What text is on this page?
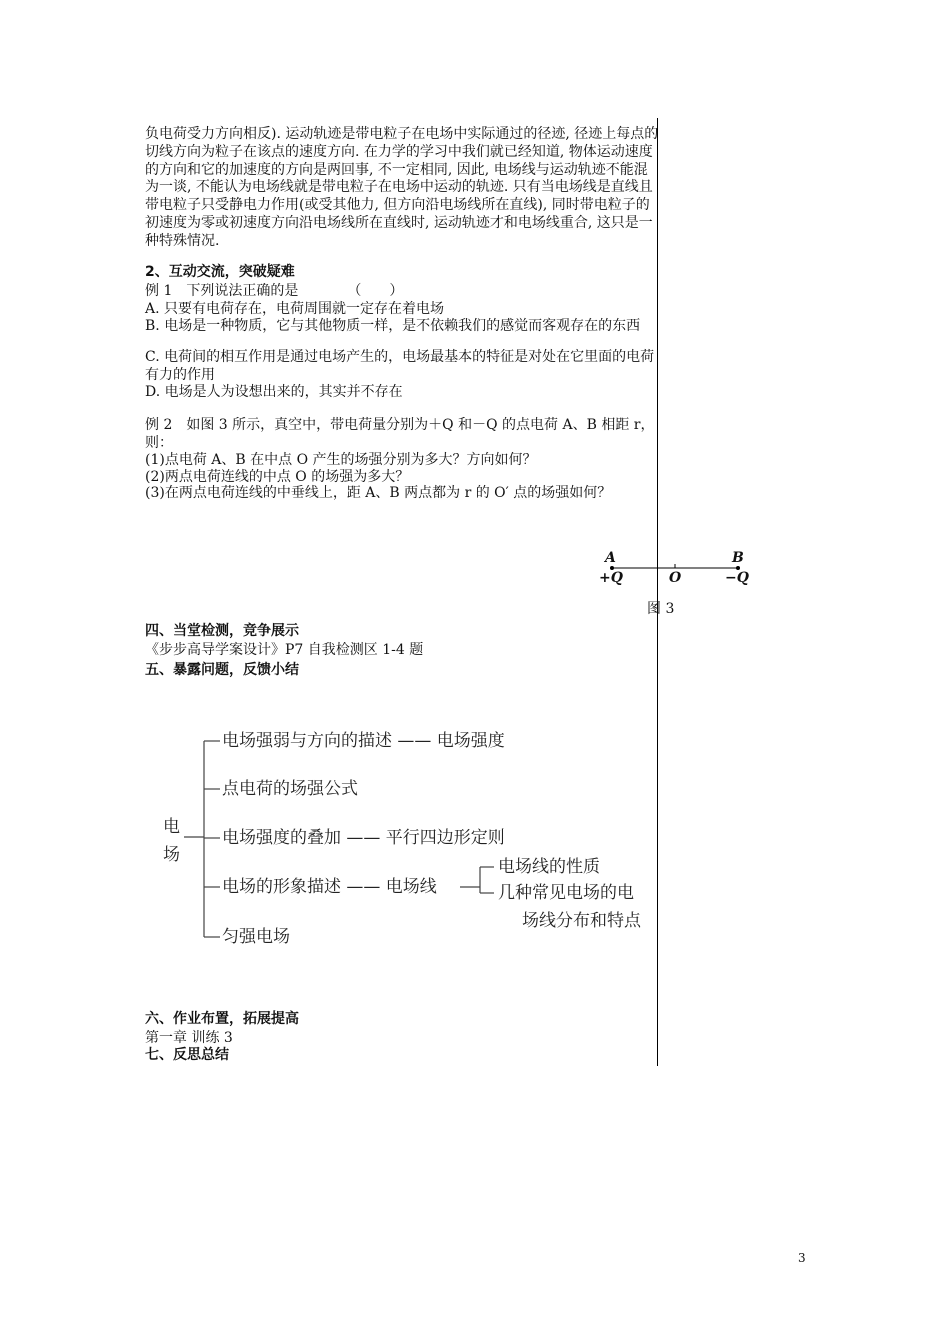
负电荷受力方向相反). 运动轨迹是带电粒子在电场中实际通过的径迹, 径迹上每点的切线方向为粒子在该点的速度方向. 在力学的学习中我们就已经知道, 物体运动速度的方向和它的加速度的方向是两回事, 不一定相同, 因此, 电场线与运动轨迹不能混为一谈, 不能认为电场线就是带电粒子在电场中运动的轨迹. 只有当电场线是直线且带电粒子只受静电力作用(或受其他力, 但方向沿电场线所在直线), 同时带电粒子的初速度为零或初速度方向沿电场线所在直线时, 运动轨迹才和电场线重合, 这只是一种特殊情况.
2、互动交流，突破疑难
例 1　下列说法正确的是　　　　（　　）
A. 只要有电荷存在，电荷周围就一定存在着电场
B. 电场是一种物质，它与其他物质一样，是不依赖我们的感觉而客观存在的东西
C. 电荷间的相互作用是通过电场产生的，电场最基本的特征是对处在它里面的电荷有力的作用
D. 电场是人为设想出来的，其实并不存在
例 2　如图 3 所示，真空中，带电荷量分别为＋Q 和－Q 的点电荷 A、B 相距 r，则：
(1)点电荷 A、B 在中点 O 产生的场强分别为多大？方向如何？
(2)两点电荷连线的中点 O 的场强为多大？
(3)在两点电荷连线的中垂线上，距 A、B 两点都为 r 的 O′ 点的场强如何？
A	B
+Q	O	−Q
图 3
四、当堂检测，竞争展示
《步步高导学案设计》P7 自我检测区 1-4 题
五、暴露问题，反馈小结
电
场
电场强弱与方向的描述 —— 电场强度
点电荷的场强公式
电场强度的叠加 —— 平行四边形定则
电场的形象描述 —— 电场线
匀强电场
电场线的性质
几种常见电场的电
场线分布和特点
六、作业布置，拓展提高
第一章 训练 3
七、反思总结
3
